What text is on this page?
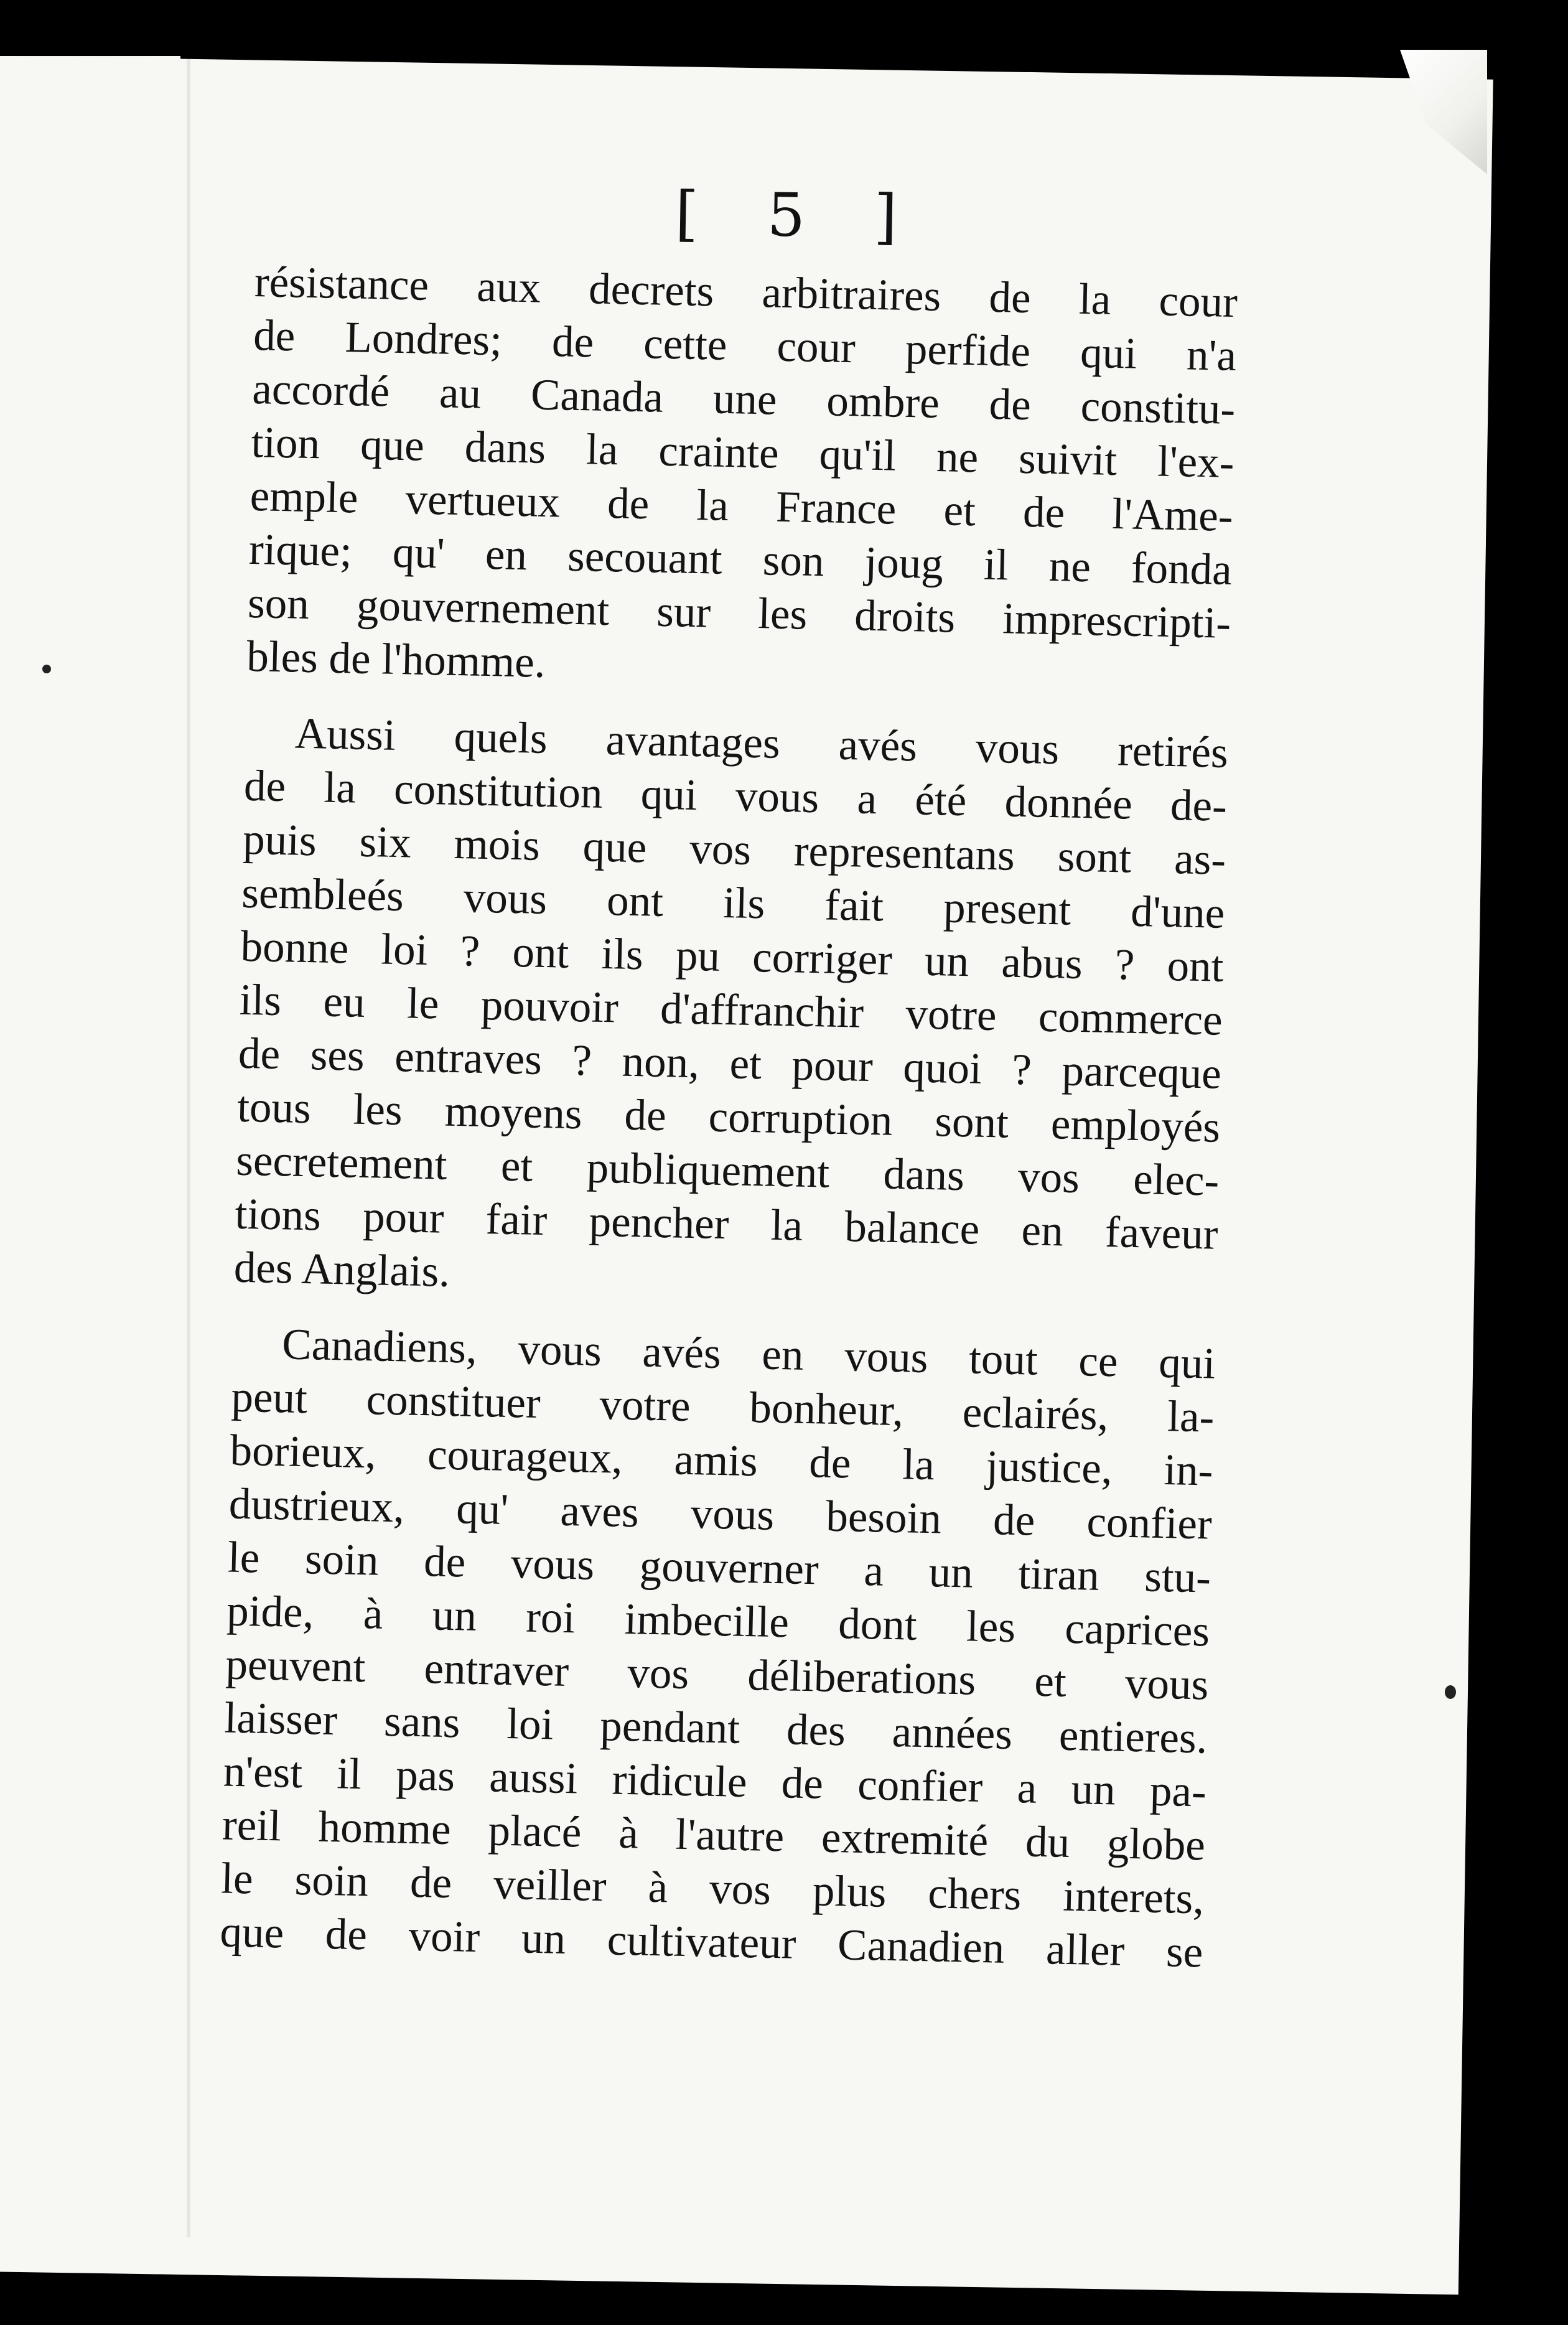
[ 5 ]

résistance aux decrets arbitraires de la cour
de Londres; de cette cour perfide qui n'a
accordé au Canada une ombre de constitu-
tion que dans la crainte qu'il ne suivit l'ex-
emple vertueux de la France et de l'Ame-
rique; qu' en secouant son joug il ne fonda
son gouvernement sur les droits imprescripti-
bles de l'homme.

Aussi quels avantages avés vous retirés
de la constitution qui vous a été donnée de-
puis six mois que vos representans sont as-
sembleés vous ont ils fait present d'une
bonne loi ? ont ils pu corriger un abus ? ont
ils eu le pouvoir d'affranchir votre commerce
de ses entraves ? non, et pour quoi ? parceque
tous les moyens de corruption sont employés
secretement et publiquement dans vos elec-
tions pour fair pencher la balance en faveur
des Anglais.

Canadiens, vous avés en vous tout ce qui
peut constituer votre bonheur, eclairés, la-
borieux, courageux, amis de la justice, in-
dustrieux, qu' aves vous besoin de confier
le soin de vous gouverner a un tiran stu-
pide, à un roi imbecille dont les caprices
peuvent entraver vos déliberations et vous
laisser sans loi pendant des années entieres.
n'est il pas aussi ridicule de confier a un pa-
reil homme placé à l'autre extremité du globe
le soin de veiller à vos plus chers interets,
que de voir un cultivateur Canadien aller se
